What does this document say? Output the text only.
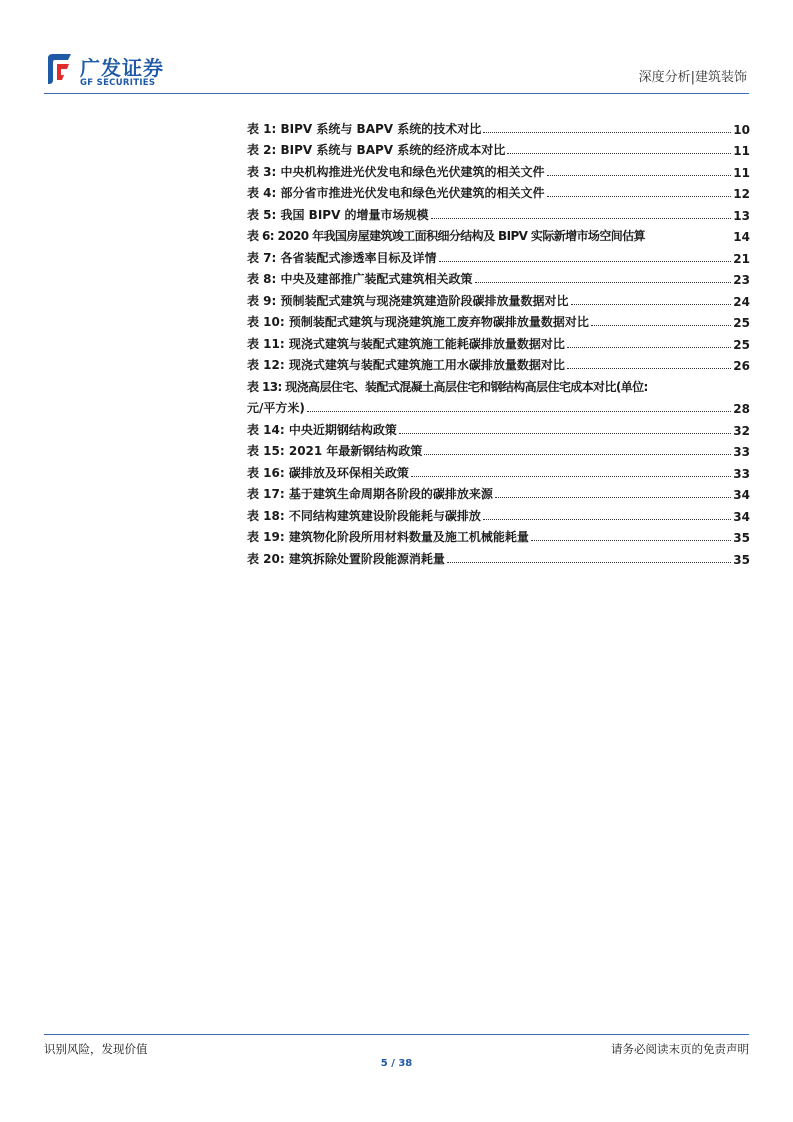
广发证券
GF SECURITIES	深度分析|建筑装饰
表 1: BIPV 系统与 BAPV 系统的技术对比	10
表 2: BIPV 系统与 BAPV 系统的经济成本对比	11
表 3: 中央机构推进光伏发电和绿色光伏建筑的相关文件	11
表 4: 部分省市推进光伏发电和绿色光伏建筑的相关文件	12
表 5: 我国 BIPV 的增量市场规模	13
表 6: 2020 年我国房屋建筑竣工面积细分结构及 BIPV 实际新增市场空间估算	14
表 7: 各省装配式渗透率目标及详情	21
表 8: 中央及建部推广装配式建筑相关政策	23
表 9: 预制装配式建筑与现浇建筑建造阶段碳排放量数据对比	24
表 10: 预制装配式建筑与现浇建筑施工废弃物碳排放量数据对比	25
表 11: 现浇式建筑与装配式建筑施工能耗碳排放量数据对比	25
表 12: 现浇式建筑与装配式建筑施工用水碳排放量数据对比	26
表 13: 现浇高层住宅、装配式混凝土高层住宅和钢结构高层住宅成本对比(单位:
元/平方米)	28
表 14: 中央近期钢结构政策	32
表 15: 2021 年最新钢结构政策	33
表 16: 碳排放及环保相关政策	33
表 17: 基于建筑生命周期各阶段的碳排放来源	34
表 18: 不同结构建筑建设阶段能耗与碳排放	34
表 19: 建筑物化阶段所用材料数量及施工机械能耗量	35
表 20: 建筑拆除处置阶段能源消耗量	35
识别风险，发现价值	请务必阅读末页的免责声明
5 / 38
